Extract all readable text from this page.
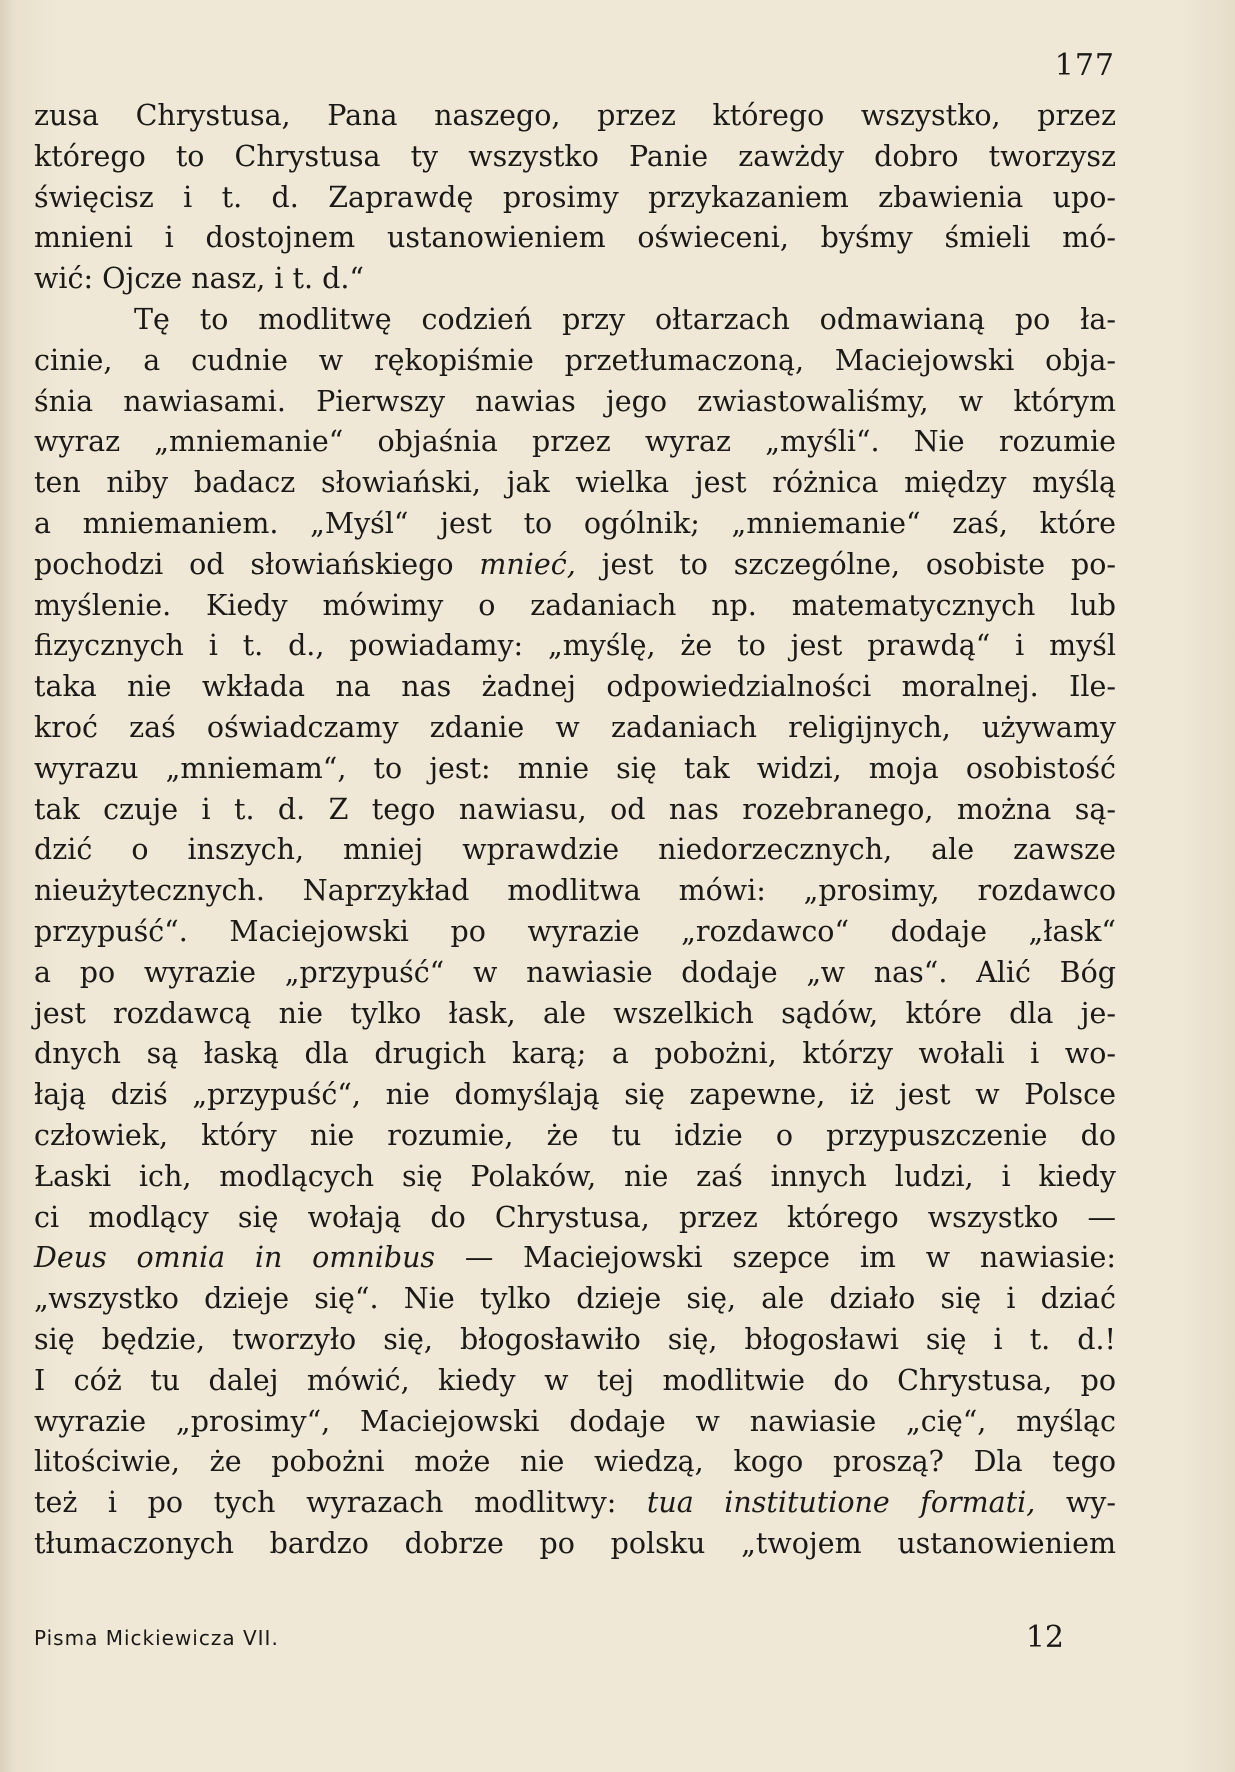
177
zusa Chrystusa, Pana naszego, przez którego wszystko, przez
którego to Chrystusa ty wszystko Panie zawżdy dobro tworzysz
święcisz i t. d. Zaprawdę prosimy przykazaniem zbawienia upo-
mnieni i dostojnem ustanowieniem oświeceni, byśmy śmieli mó-
wić: Ojcze nasz, i t. d.“
Tę to modlitwę codzień przy ołtarzach odmawianą po ła-
cinie, a cudnie w rękopiśmie przetłumaczoną, Maciejowski obja-
śnia nawiasami. Pierwszy nawias jego zwiastowaliśmy, w którym
wyraz „mniemanie“ objaśnia przez wyraz „myśli“. Nie rozumie
ten niby badacz słowiański, jak wielka jest różnica między myślą
a mniemaniem. „Myśl“ jest to ogólnik; „mniemanie“ zaś, które
pochodzi od słowiańskiego mnieć, jest to szczególne, osobiste po-
myślenie. Kiedy mówimy o zadaniach np. matematycznych lub
fizycznych i t. d., powiadamy: „myślę, że to jest prawdą“ i myśl
taka nie wkłada na nas żadnej odpowiedzialności moralnej. Ile-
kroć zaś oświadczamy zdanie w zadaniach religijnych, używamy
wyrazu „mniemam“, to jest: mnie się tak widzi, moja osobistość
tak czuje i t. d. Z tego nawiasu, od nas rozebranego, można są-
dzić o inszych, mniej wprawdzie niedorzecznych, ale zawsze
nieużytecznych. Naprzykład modlitwa mówi: „prosimy, rozdawco
przypuść“. Maciejowski po wyrazie „rozdawco“ dodaje „łask“
a po wyrazie „przypuść“ w nawiasie dodaje „w nas“. Alić Bóg
jest rozdawcą nie tylko łask, ale wszelkich sądów, które dla je-
dnych są łaską dla drugich karą; a pobożni, którzy wołali i wo-
łają dziś „przypuść“, nie domyślają się zapewne, iż jest w Polsce
człowiek, który nie rozumie, że tu idzie o przypuszczenie do
Łaski ich, modlących się Polaków, nie zaś innych ludzi, i kiedy
ci modlący się wołają do Chrystusa, przez którego wszystko —
Deus omnia in omnibus — Maciejowski szepce im w nawiasie:
„wszystko dzieje się“. Nie tylko dzieje się, ale działo się i dziać
się będzie, tworzyło się, błogosławiło się, błogosławi się i t. d.!
I cóż tu dalej mówić, kiedy w tej modlitwie do Chrystusa, po
wyrazie „prosimy“, Maciejowski dodaje w nawiasie „cię“, myśląc
litościwie, że pobożni może nie wiedzą, kogo proszą? Dla tego
też i po tych wyrazach modlitwy: tua institutione formati, wy-
tłumaczonych bardzo dobrze po polsku „twojem ustanowieniem
Pisma Mickiewicza VII.	12
